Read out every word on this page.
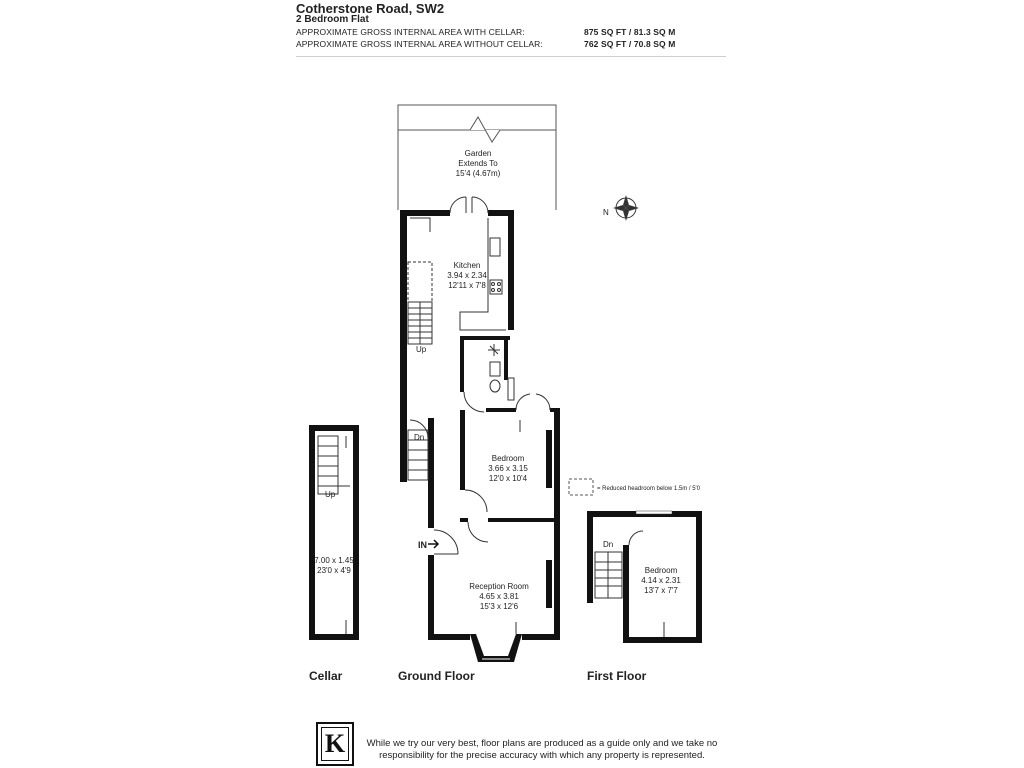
Cotherstone Road, SW2
2 Bedroom Flat
APPROXIMATE GROSS INTERNAL AREA WITH CELLAR:	875 SQ FT / 81.3 SQ M
APPROXIMATE GROSS INTERNAL AREA WITHOUT CELLAR:	762 SQ FT / 70.8 SQ M
Garden
Extends To
15'4 (4.67m)
N
Kitchen
3.94 x 2.34
12'11 x 7'8
Up
Dn
Bedroom
3.66 x 3.15
12'0 x 10'4
Reception Room
4.65 x 3.81
15'3 x 12'6
IN
Up
7.00 x 1.45
23'0 x 4'9
Dn
Bedroom
4.14 x 2.31
13'7 x 7'7
= Reduced headroom below 1.5m / 5'0
Cellar	Ground Floor	First Floor
K	While we try our very best, floor plans are produced as a guide only and we take no responsibility for the precise accuracy with which any property is represented.
